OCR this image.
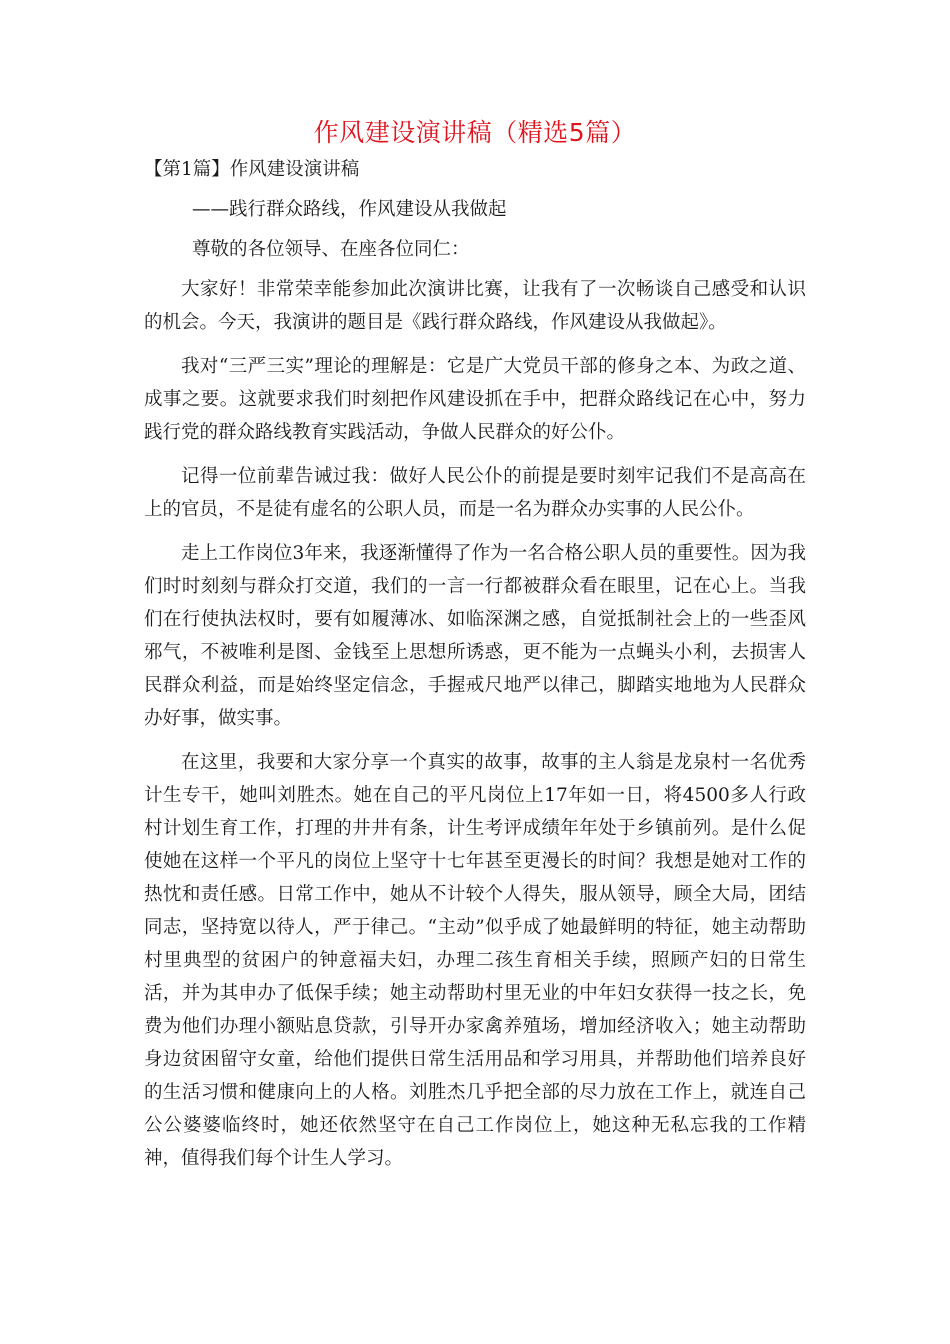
作风建设演讲稿（精选5篇）

【第1篇】作风建设演讲稿

——践行群众路线，作风建设从我做起

尊敬的各位领导、在座各位同仁：

大家好！非常荣幸能参加此次演讲比赛，让我有了一次畅谈自己感受和认识的机会。今天，我演讲的题目是《践行群众路线，作风建设从我做起》。

我对“三严三实”理论的理解是：它是广大党员干部的修身之本、为政之道、成事之要。这就要求我们时刻把作风建设抓在手中，把群众路线记在心中，努力践行党的群众路线教育实践活动，争做人民群众的好公仆。

记得一位前辈告诫过我：做好人民公仆的前提是要时刻牢记我们不是高高在上的官员，不是徒有虚名的公职人员，而是一名为群众办实事的人民公仆。

走上工作岗位3年来，我逐渐懂得了作为一名合格公职人员的重要性。因为我们时时刻刻与群众打交道，我们的一言一行都被群众看在眼里，记在心上。当我们在行使执法权时，要有如履薄冰、如临深渊之感，自觉抵制社会上的一些歪风邪气，不被唯利是图、金钱至上思想所诱惑，更不能为一点蝇头小利，去损害人民群众利益，而是始终坚定信念，手握戒尺地严以律己，脚踏实地地为人民群众办好事，做实事。

在这里，我要和大家分享一个真实的故事，故事的主人翁是龙泉村一名优秀计生专干，她叫刘胜杰。她在自己的平凡岗位上17年如一日，将4500多人行政村计划生育工作，打理的井井有条，计生考评成绩年年处于乡镇前列。是什么促使她在这样一个平凡的岗位上坚守十七年甚至更漫长的时间？我想是她对工作的热忱和责任感。日常工作中，她从不计较个人得失，服从领导，顾全大局，团结同志，坚持宽以待人，严于律己。“主动”似乎成了她最鲜明的特征，她主动帮助村里典型的贫困户的钟意福夫妇，办理二孩生育相关手续，照顾产妇的日常生活，并为其申办了低保手续；她主动帮助村里无业的中年妇女获得一技之长，免费为他们办理小额贴息贷款，引导开办家禽养殖场，增加经济收入；她主动帮助身边贫困留守女童，给他们提供日常生活用品和学习用具，并帮助他们培养良好的生活习惯和健康向上的人格。刘胜杰几乎把全部的尽力放在工作上，就连自己公公婆婆临终时，她还依然坚守在自己工作岗位上，她这种无私忘我的工作精神，值得我们每个计生人学习。
